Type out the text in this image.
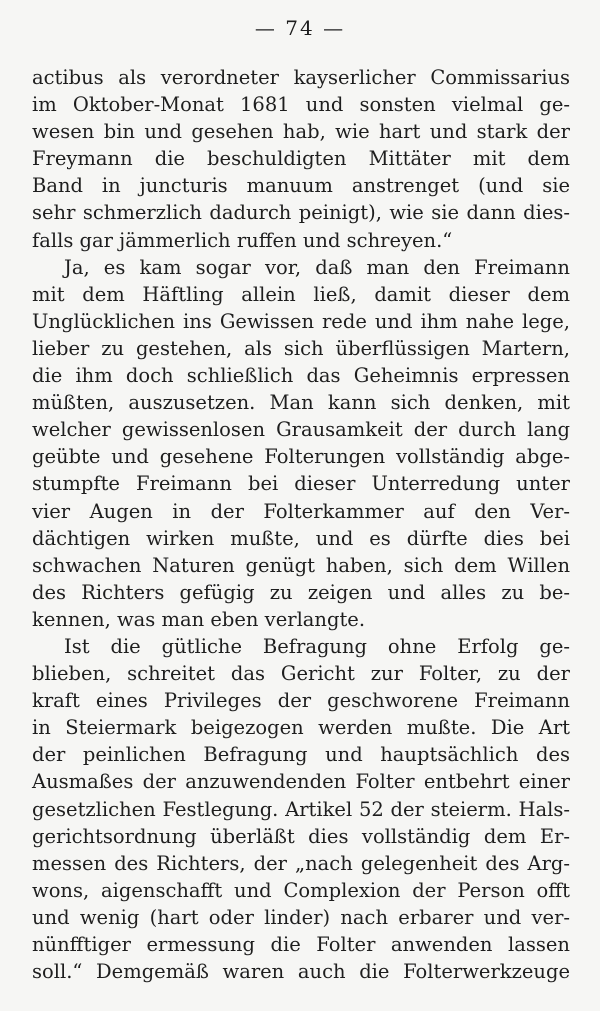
— 74 —
actibus als verordneter kayserlicher Commissarius
im Oktober-Monat 1681 und sonsten vielmal ge-
wesen bin und gesehen hab, wie hart und stark der
Freymann die beschuldigten Mittäter mit dem
Band in juncturis manuum anstrenget (und sie
sehr schmerzlich dadurch peinigt), wie sie dann dies-
falls gar jämmerlich ruffen und schreyen.“
Ja, es kam sogar vor, daß man den Freimann
mit dem Häftling allein ließ, damit dieser dem
Unglücklichen ins Gewissen rede und ihm nahe lege,
lieber zu gestehen, als sich überflüssigen Martern,
die ihm doch schließlich das Geheimnis erpressen
müßten, auszusetzen. Man kann sich denken, mit
welcher gewissenlosen Grausamkeit der durch lang
geübte und gesehene Folterungen vollständig abge-
stumpfte Freimann bei dieser Unterredung unter
vier Augen in der Folterkammer auf den Ver-
dächtigen wirken mußte, und es dürfte dies bei
schwachen Naturen genügt haben, sich dem Willen
des Richters gefügig zu zeigen und alles zu be-
kennen, was man eben verlangte.
Ist die gütliche Befragung ohne Erfolg ge-
blieben, schreitet das Gericht zur Folter, zu der
kraft eines Privileges der geschworene Freimann
in Steiermark beigezogen werden mußte. Die Art
der peinlichen Befragung und hauptsächlich des
Ausmaßes der anzuwendenden Folter entbehrt einer
gesetzlichen Festlegung. Artikel 52 der steierm. Hals-
gerichtsordnung überläßt dies vollständig dem Er-
messen des Richters, der „nach gelegenheit des Arg-
wons, aigenschafft und Complexion der Person offt
und wenig (hart oder linder) nach erbarer und ver-
nünfftiger ermessung die Folter anwenden lassen
soll.“ Demgemäß waren auch die Folterwerkzeuge
